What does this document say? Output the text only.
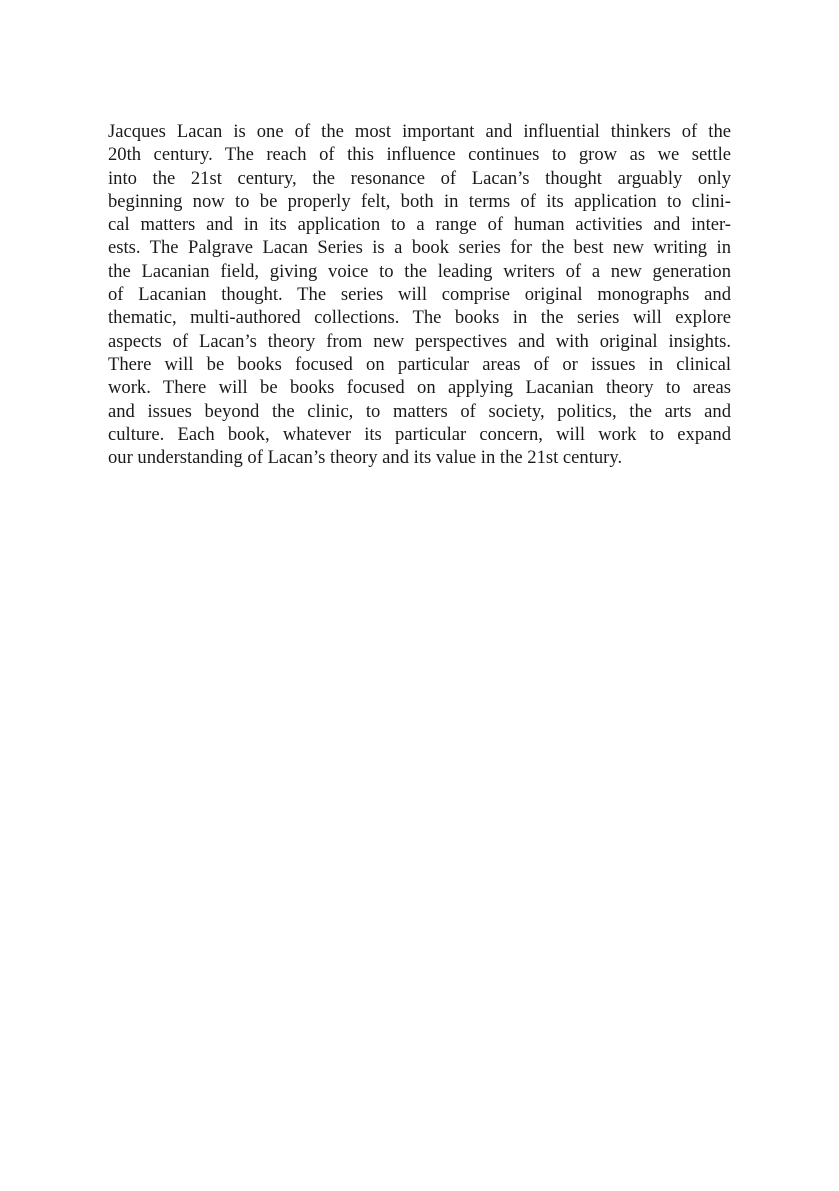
Jacques Lacan is one of the most important and influential thinkers of the
20th century. The reach of this influence continues to grow as we settle
into the 21st century, the resonance of Lacan’s thought arguably only
beginning now to be properly felt, both in terms of its application to clini-
cal matters and in its application to a range of human activities and inter-
ests. The Palgrave Lacan Series is a book series for the best new writing in
the Lacanian field, giving voice to the leading writers of a new generation
of Lacanian thought. The series will comprise original monographs and
thematic, multi-authored collections. The books in the series will explore
aspects of Lacan’s theory from new perspectives and with original insights.
There will be books focused on particular areas of or issues in clinical
work. There will be books focused on applying Lacanian theory to areas
and issues beyond the clinic, to matters of society, politics, the arts and
culture. Each book, whatever its particular concern, will work to expand
our understanding of Lacan’s theory and its value in the 21st century.
